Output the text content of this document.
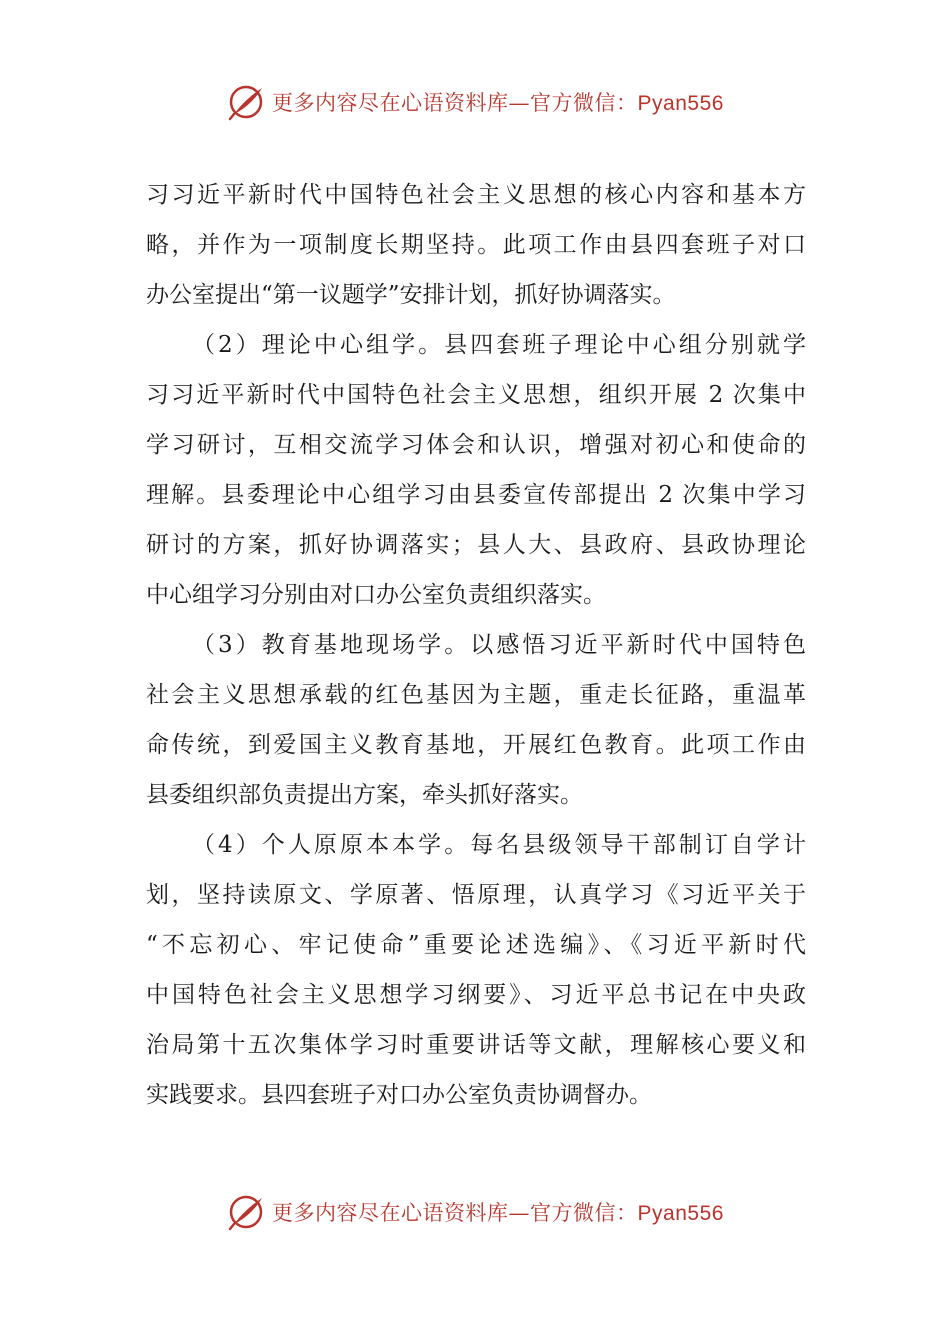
更多内容尽在心语资料库—官方微信：Pyan556
习习近平新时代中国特色社会主义思想的核心内容和基本方
略，并作为一项制度长期坚持。此项工作由县四套班子对口
办公室提出“第一议题学”安排计划，抓好协调落实。
（2）理论中心组学。县四套班子理论中心组分别就学
习习近平新时代中国特色社会主义思想，组织开展 2 次集中
学习研讨，互相交流学习体会和认识，增强对初心和使命的
理解。县委理论中心组学习由县委宣传部提出 2 次集中学习
研讨的方案，抓好协调落实；县人大、县政府、县政协理论
中心组学习分别由对口办公室负责组织落实。
（3）教育基地现场学。以感悟习近平新时代中国特色
社会主义思想承载的红色基因为主题，重走长征路，重温革
命传统，到爱国主义教育基地，开展红色教育。此项工作由
县委组织部负责提出方案，牵头抓好落实。
（4）个人原原本本学。每名县级领导干部制订自学计
划，坚持读原文、学原著、悟原理，认真学习《习近平关于
“不忘初心、牢记使命”重要论述选编》、《习近平新时代
中国特色社会主义思想学习纲要》、习近平总书记在中央政
治局第十五次集体学习时重要讲话等文献，理解核心要义和
实践要求。县四套班子对口办公室负责协调督办。
更多内容尽在心语资料库—官方微信：Pyan556
